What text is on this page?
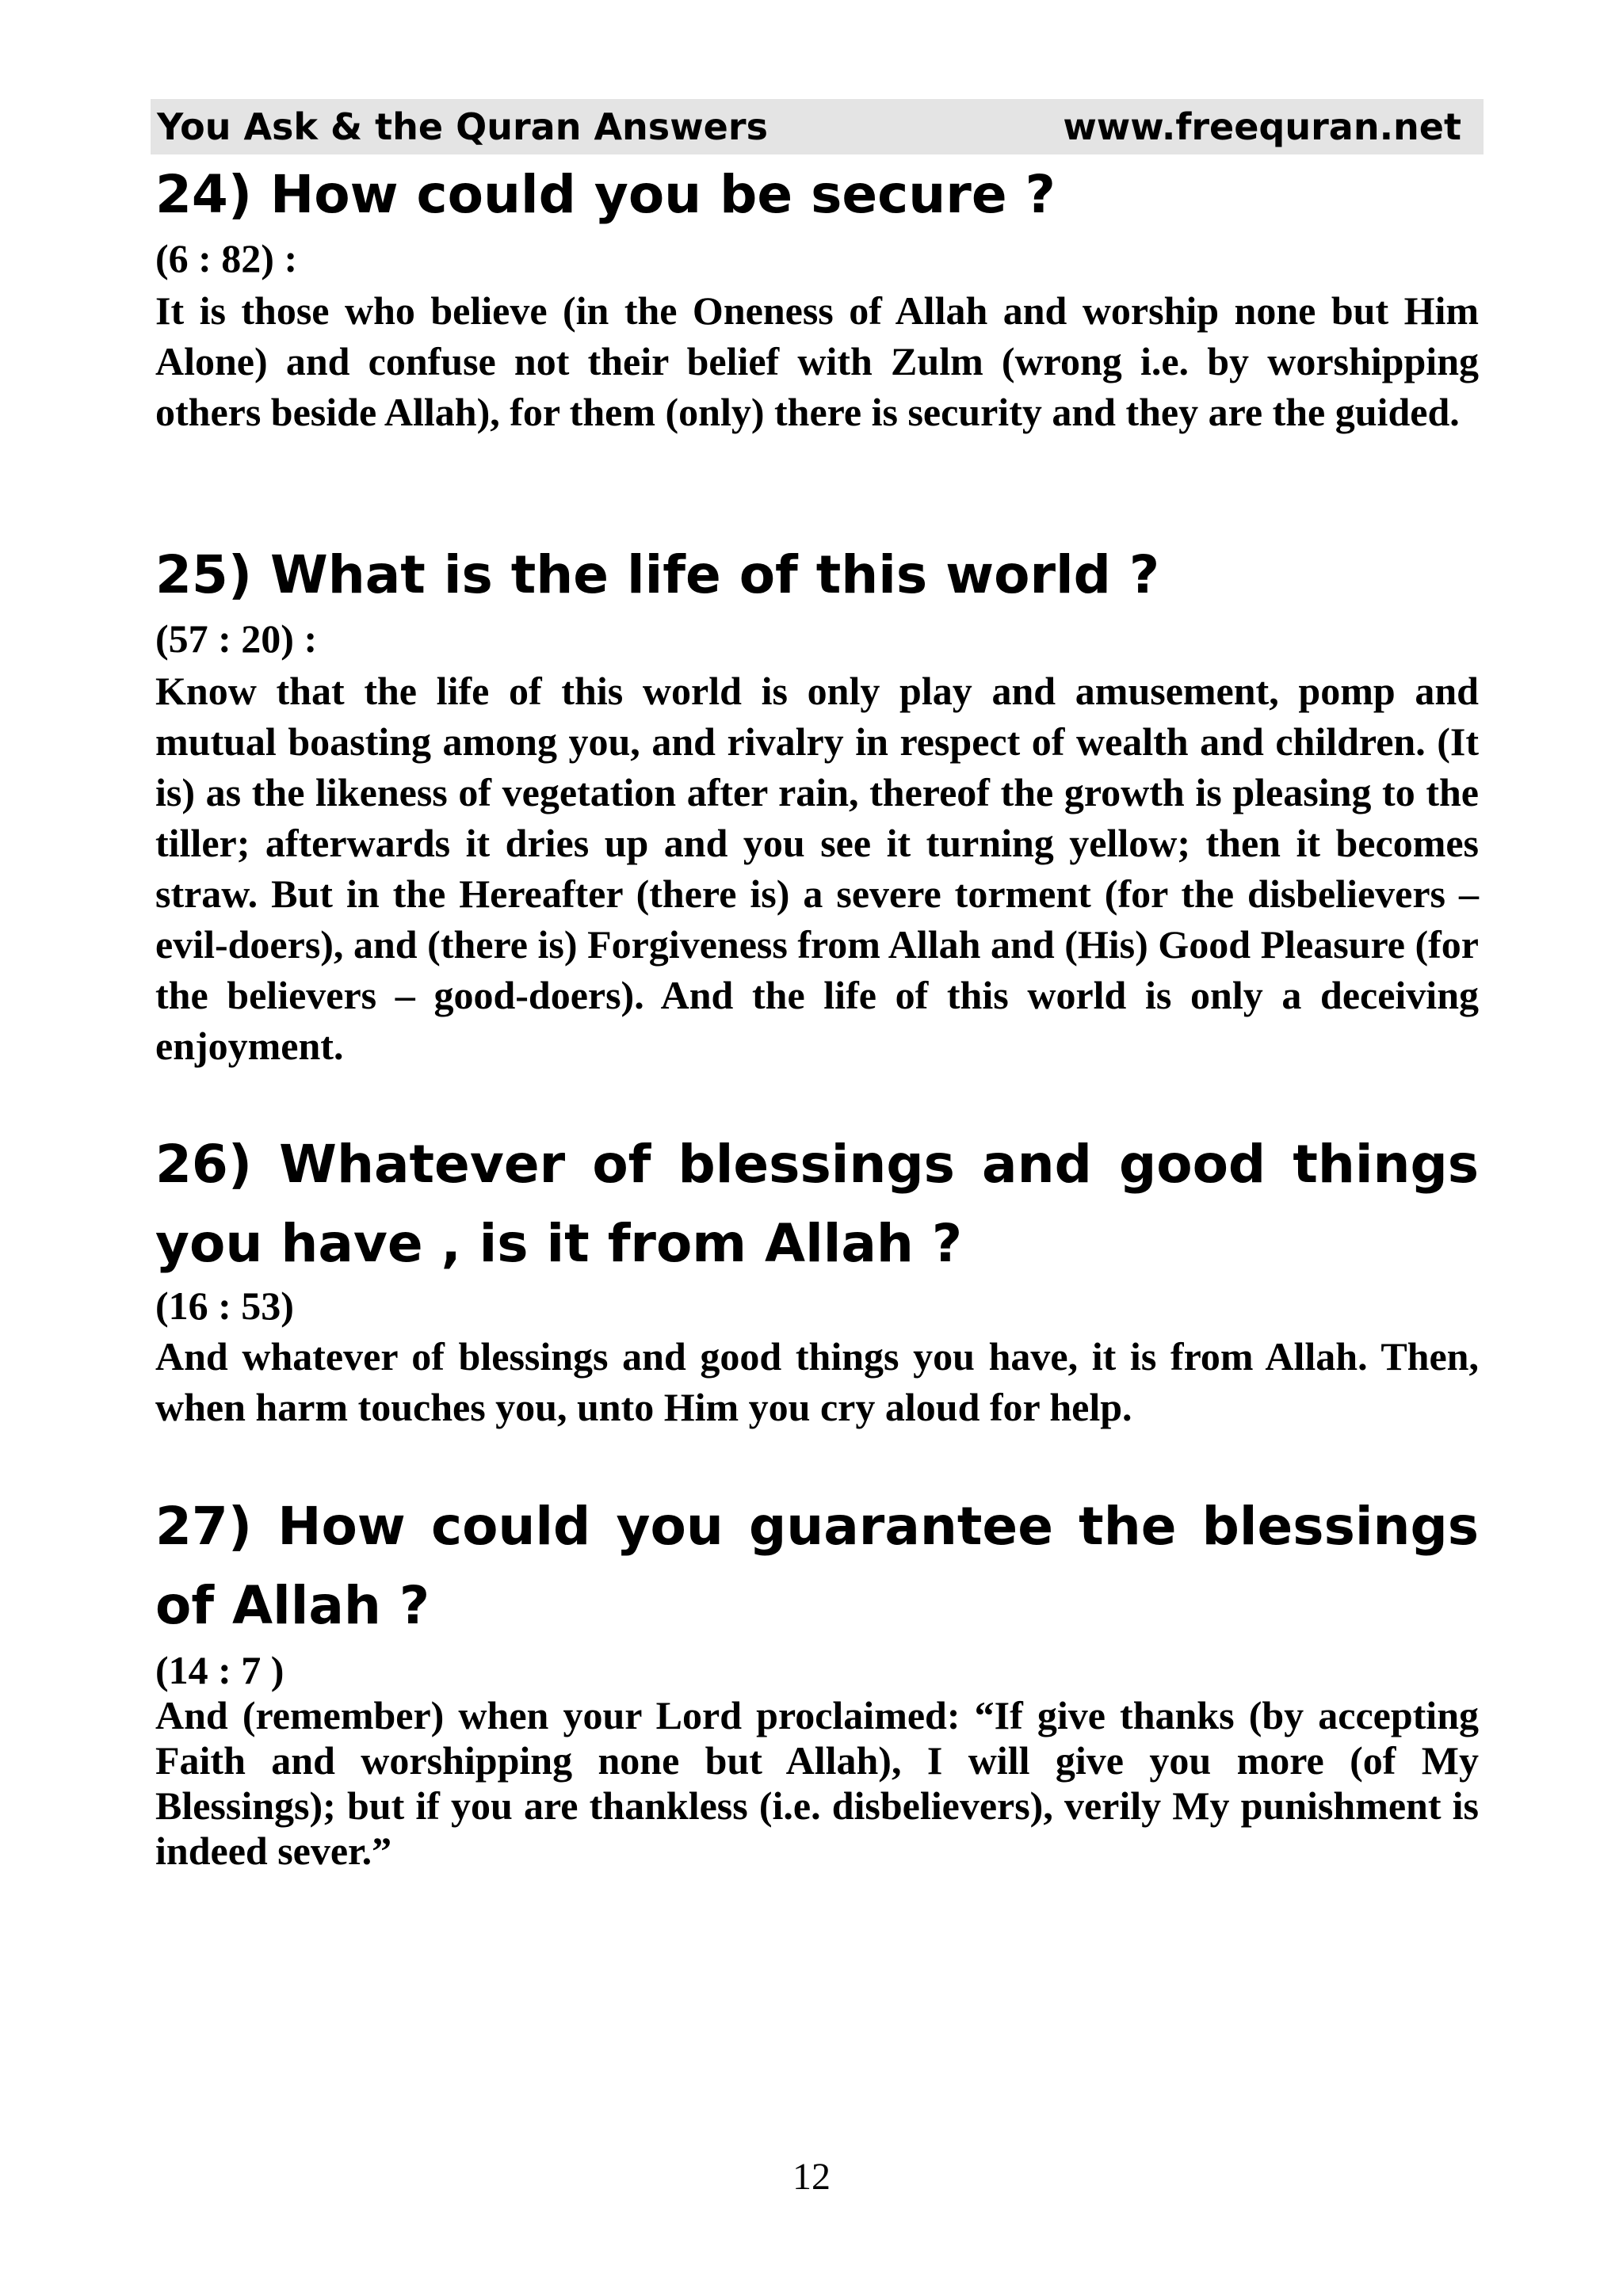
You Ask & the Quran Answers	www.freequran.net
24) How could you be secure ?
(6 : 82) :

It is those who believe (in the Oneness of Allah and worship none but Him Alone) and confuse not their belief with Zulm (wrong i.e. by worshipping others beside Allah), for them (only) there is security and they are the guided.

25) What is the life of this world ?
(57 : 20) :

Know that the life of this world is only play and amusement, pomp and mutual boasting among you, and rivalry in respect of wealth and children. (It is) as the likeness of vegetation after rain, thereof the growth is pleasing to the tiller; afterwards it dries up and you see it turning yellow; then it becomes straw. But in the Hereafter (there is) a severe torment (for the disbelievers – evil-doers), and (there is) Forgiveness from Allah and (His) Good Pleasure (for the believers – good-doers). And the life of this world is only a deceiving enjoyment.

26) Whatever of blessings and good things you have , is it from Allah ?
(16 : 53)

And whatever of blessings and good things you have, it is from Allah. Then, when harm touches you, unto Him you cry aloud for help.

27) How could you guarantee the blessings of Allah ?
(14 : 7 )

And (remember) when your Lord proclaimed: “If give thanks (by accepting Faith and worshipping none but Allah), I will give you more (of My Blessings); but if you are thankless (i.e. disbelievers), verily My punishment is indeed sever.”

12
